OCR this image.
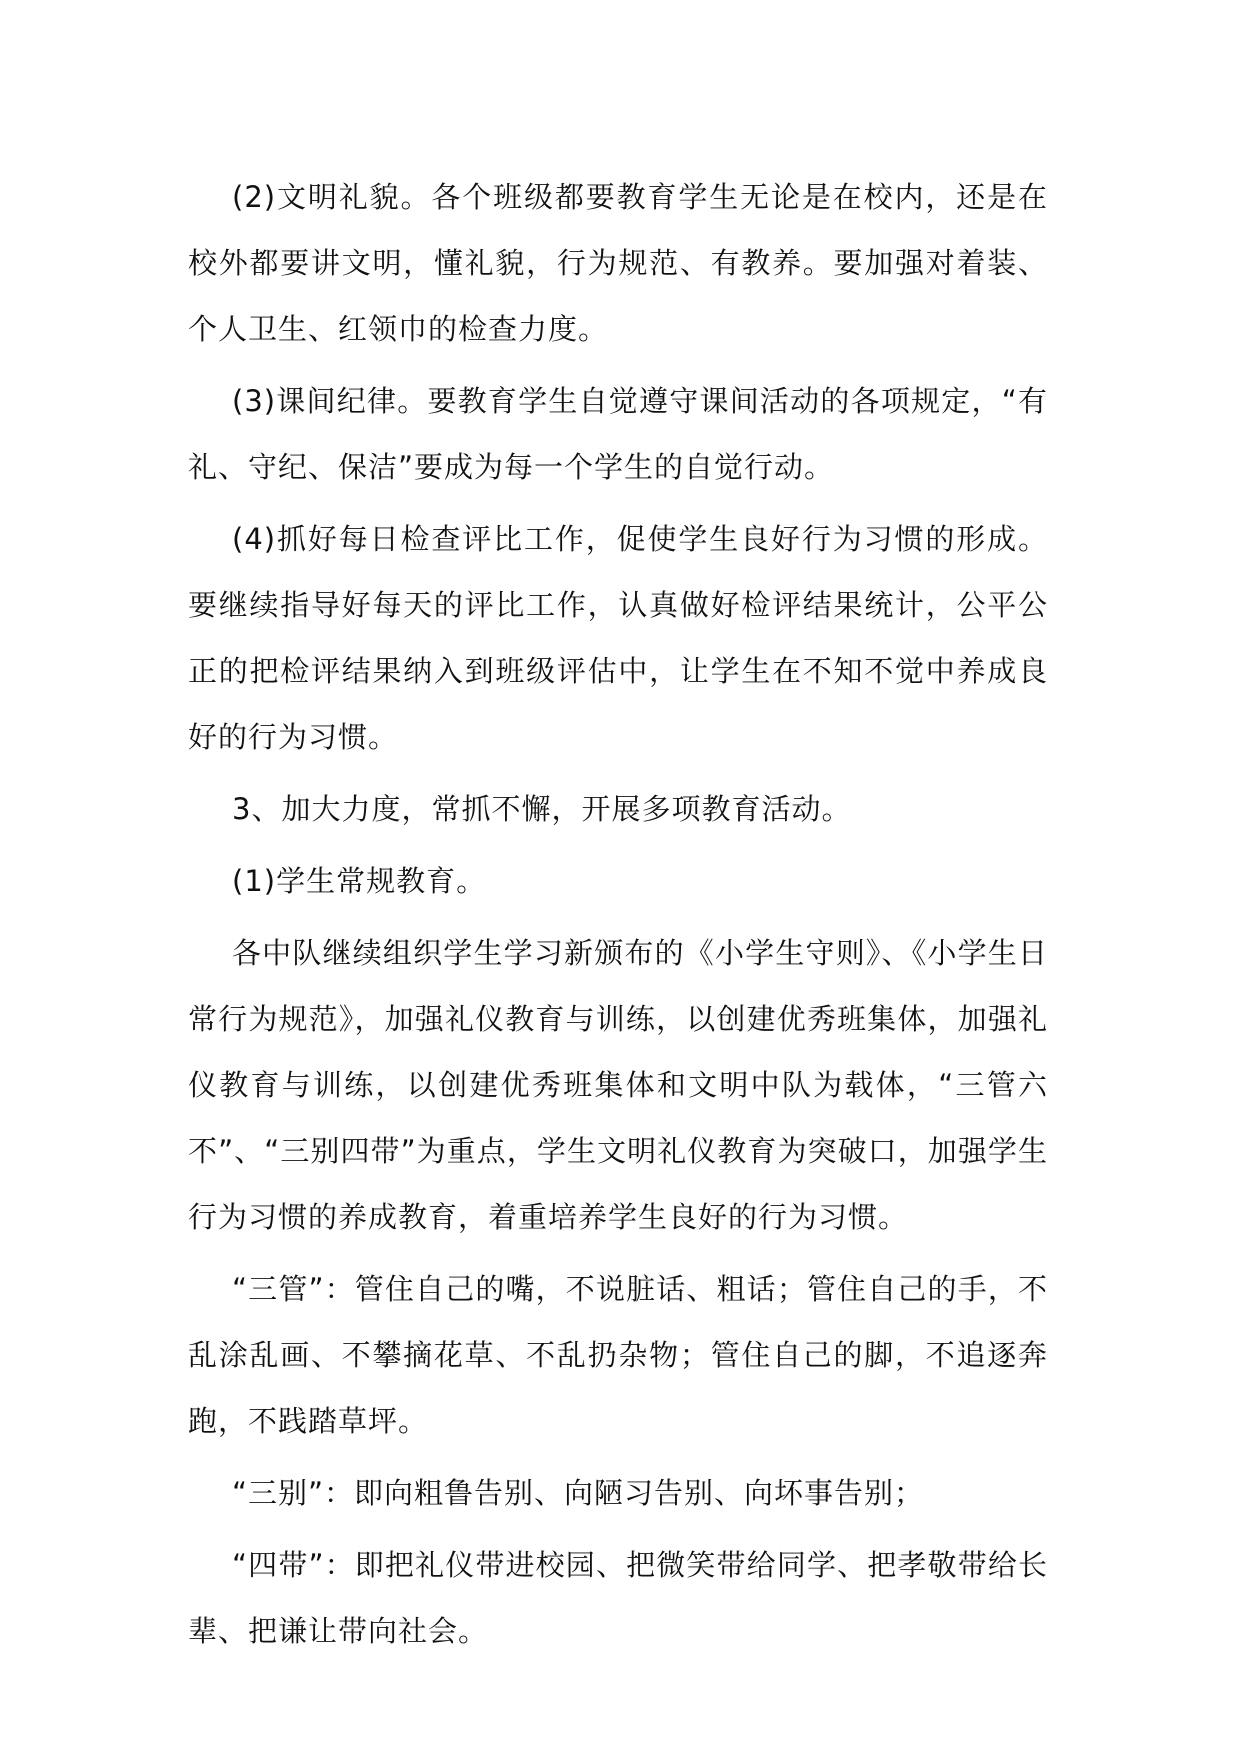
(2)文明礼貌。各个班级都要教育学生无论是在校内，还是在校外都要讲文明，懂礼貌，行为规范、有教养。要加强对着装、个人卫生、红领巾的检查力度。

(3)课间纪律。要教育学生自觉遵守课间活动的各项规定，“有礼、守纪、保洁”要成为每一个学生的自觉行动。

(4)抓好每日检查评比工作，促使学生良好行为习惯的形成。要继续指导好每天的评比工作，认真做好检评结果统计，公平公正的把检评结果纳入到班级评估中，让学生在不知不觉中养成良好的行为习惯。

3、加大力度，常抓不懈，开展多项教育活动。

(1)学生常规教育。

各中队继续组织学生学习新颁布的《小学生守则》、《小学生日常行为规范》，加强礼仪教育与训练，以创建优秀班集体，加强礼仪教育与训练，以创建优秀班集体和文明中队为载体，“三管六不”、“三别四带”为重点，学生文明礼仪教育为突破口，加强学生行为习惯的养成教育，着重培养学生良好的行为习惯。

“三管”：管住自己的嘴，不说脏话、粗话；管住自己的手，不乱涂乱画、不攀摘花草、不乱扔杂物；管住自己的脚，不追逐奔跑，不践踏草坪。

“三别”：即向粗鲁告别、向陋习告别、向坏事告别；

“四带”：即把礼仪带进校园、把微笑带给同学、把孝敬带给长辈、把谦让带向社会。
